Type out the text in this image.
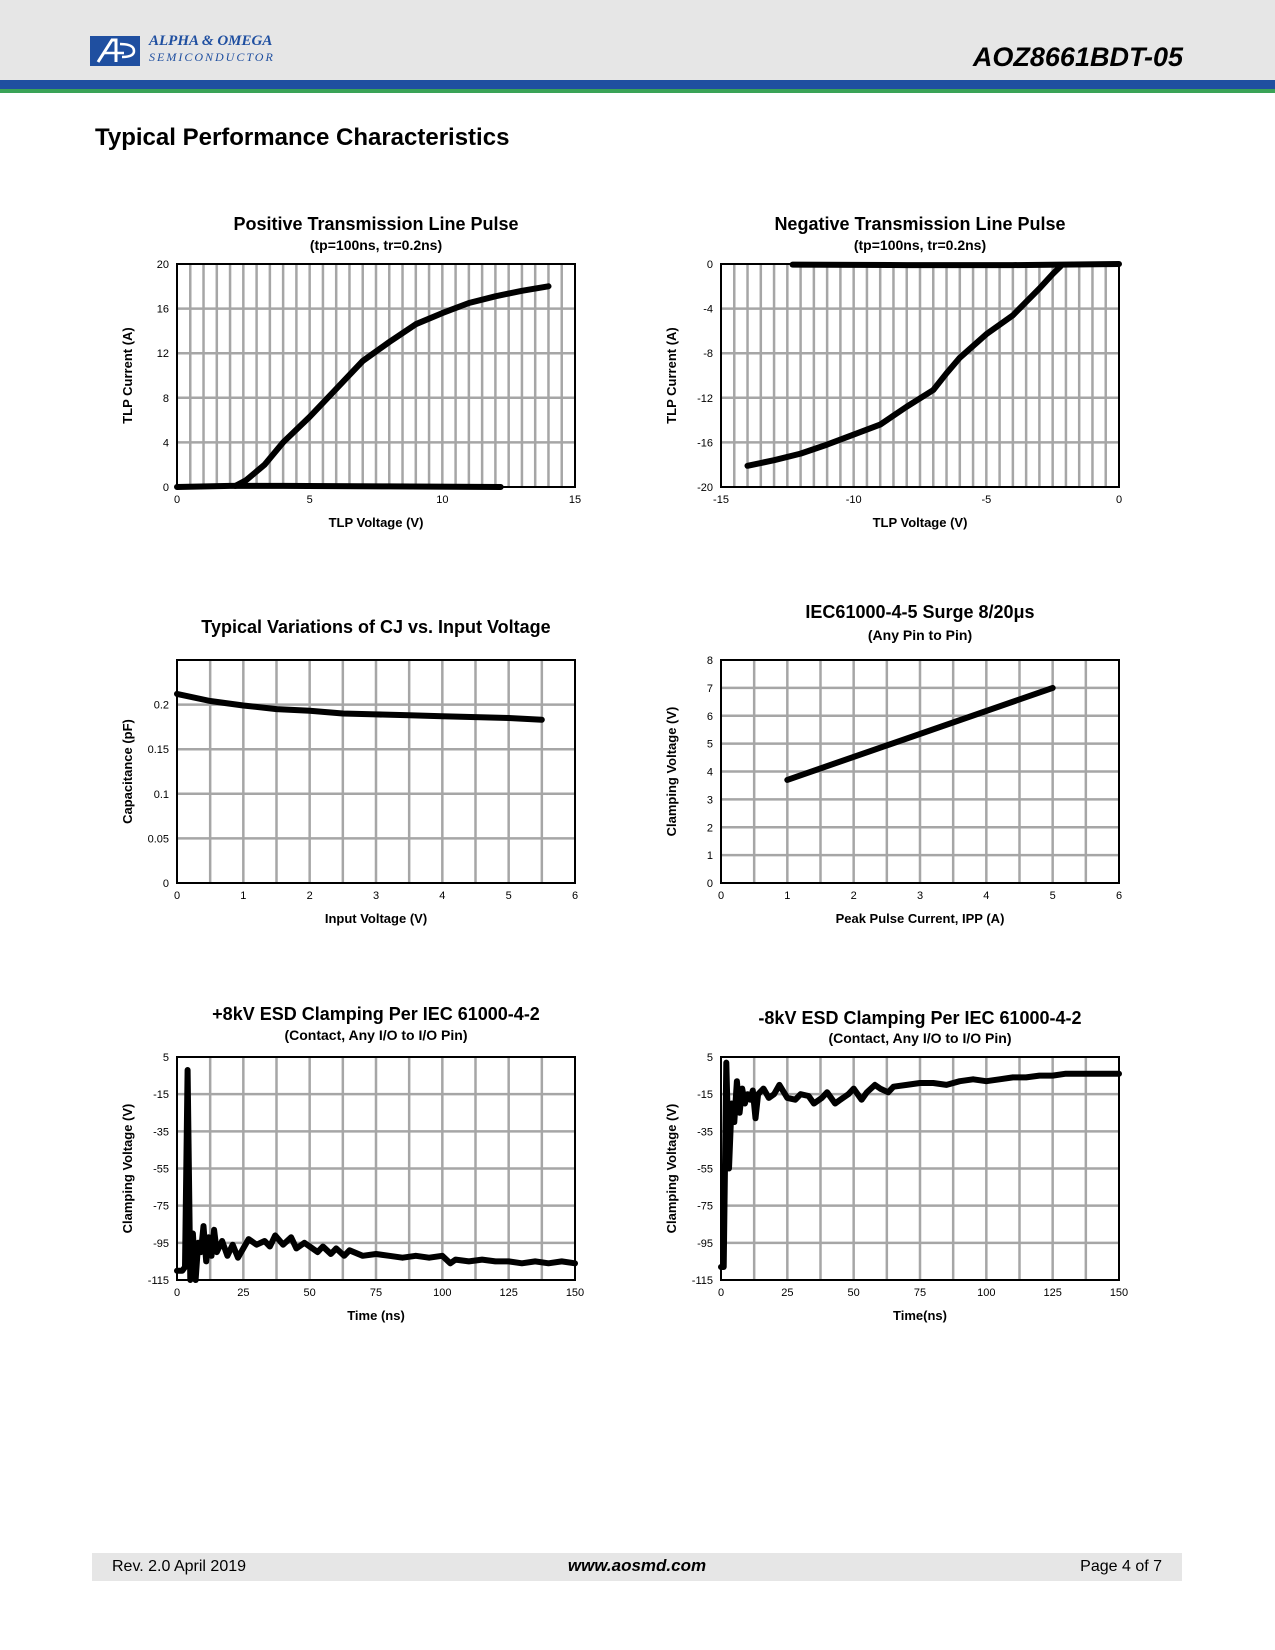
ALPHA & OMEGA
SEMICONDUCTOR	AOZ8661BDT-05
Typical Performance Characteristics
0	5	10	15
0
4
8
12
16
20
Positive Transmission Line Pulse
(tp=100ns, tr=0.2ns)
TLP Voltage (V)
TLP Current (A)
-15	-10	-5	0
-20
-16
-12
-8
-4
0
Negative Transmission Line Pulse
(tp=100ns, tr=0.2ns)
TLP Voltage (V)
TLP Current (A)
0	1	2	3	4	5	6
0
0.05
0.1
0.15
0.2
Typical Variations of CJ vs. Input Voltage
Input Voltage (V)
Capacitance (pF)
0	1	2	3	4	5	6
0
1
2
3
4
5
6
7
8
IEC61000-4-5 Surge 8/20μs
(Any Pin to Pin)
Peak Pulse Current, IPP (A)
Clamping Voltage (V)
0	25	50	75	100	125	150
-115
-95
-75
-55
-35
-15
5
+8kV ESD Clamping Per IEC 61000-4-2
(Contact, Any I/O to I/O Pin)
Time (ns)
Clamping Voltage (V)
0	25	50	75	100	125	150
-115
-95
-75
-55
-35
-15
5
-8kV ESD Clamping Per IEC 61000-4-2
(Contact, Any I/O to I/O Pin)
Time(ns)
Clamping Voltage (V)
Rev. 2.0 April 2019	www.aosmd.com	Page 4 of 7
